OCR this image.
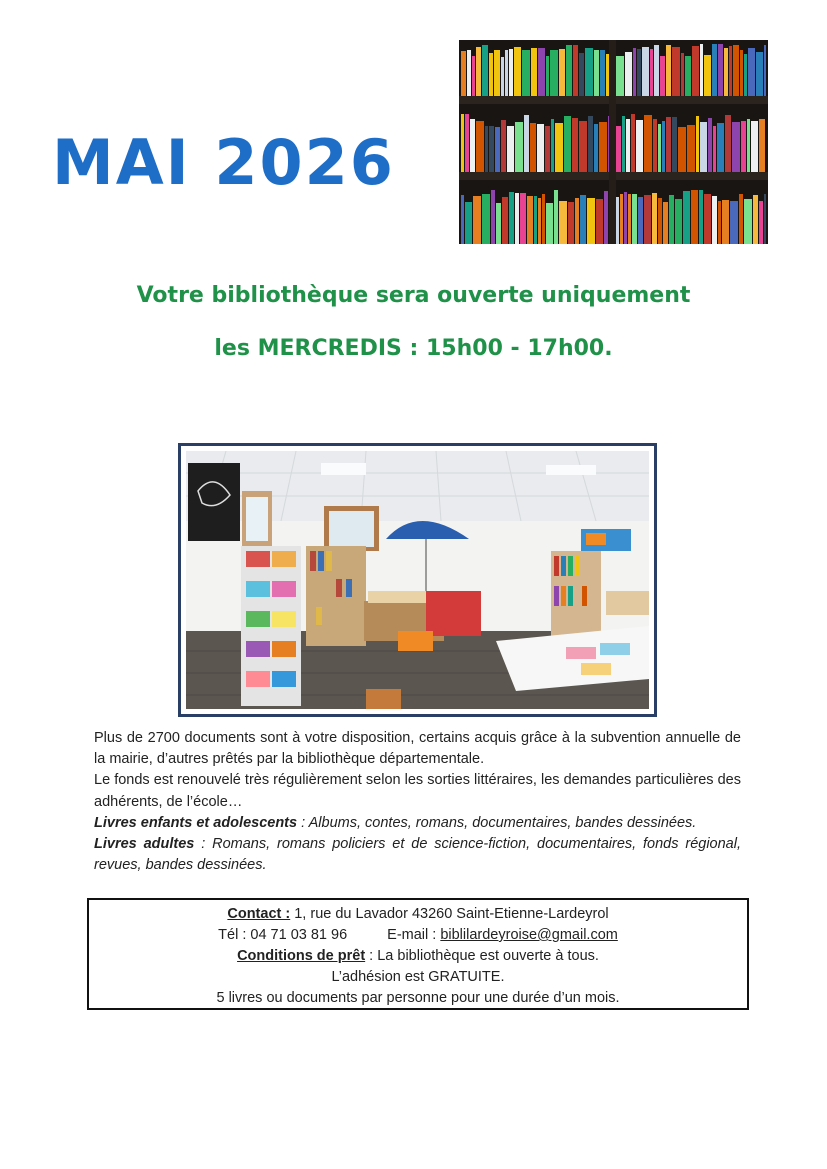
MAI 2026
Votre bibliothèque sera ouverte uniquement
les MERCREDIS : 15h00 - 17h00.

Plus de 2700 documents sont à votre disposition, certains acquis grâce à la subvention annuelle de la mairie, d’autres prêtés par la bibliothèque départementale.

Le fonds est renouvelé très régulièrement selon les sorties littéraires, les demandes particulières des adhérents, de l’école…

Livres enfants et adolescents : Albums, contes, romans, documentaires, bandes dessinées.

Livres adultes : Romans, romans policiers et de science-fiction, documentaires, fonds régional, revues, bandes dessinées.

Contact : 1, rue du Lavador 43260 Saint-Etienne-Lardeyrol
Tél : 04 71 03 81 96	E-mail : biblilardeyroise@gmail.com
Conditions de prêt : La bibliothèque est ouverte à tous.
L’adhésion est GRATUITE.
5 livres ou documents par personne pour une durée d’un mois.
